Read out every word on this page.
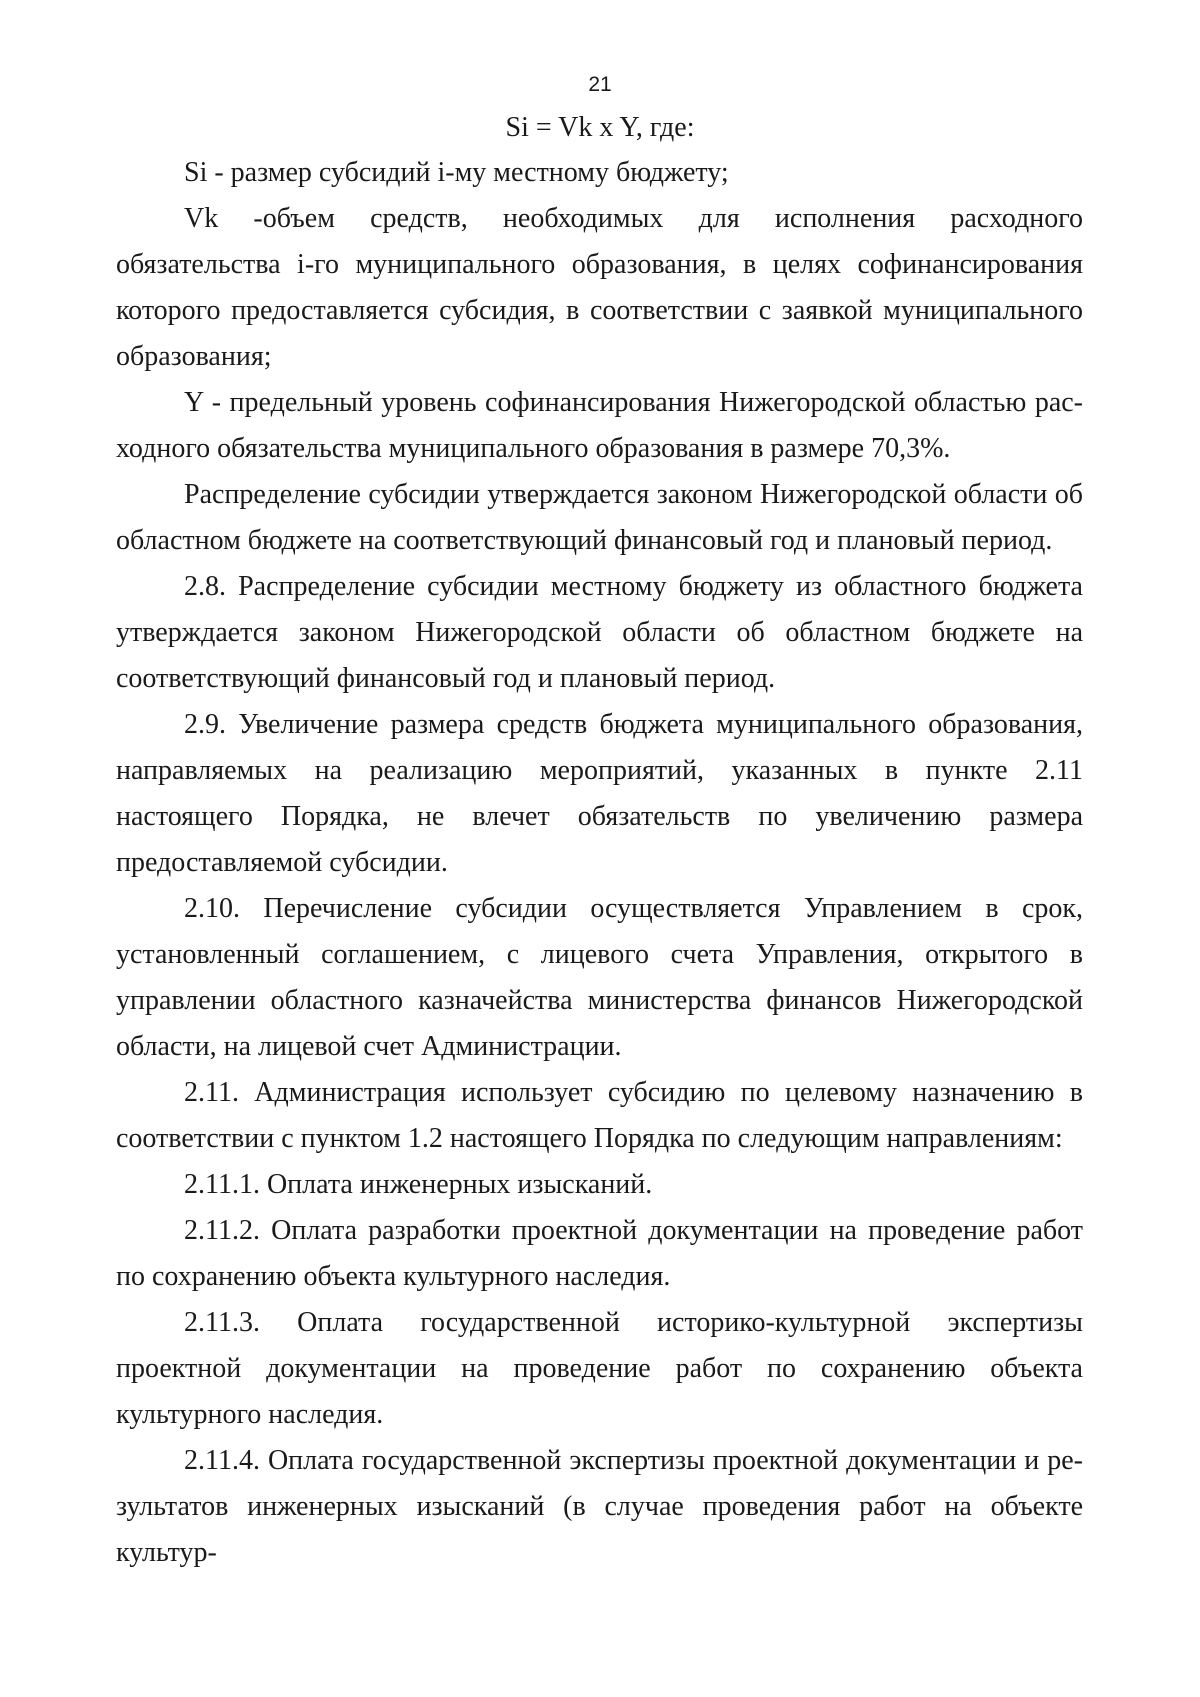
21
Si = Vk x Y, где:

Si - размер субсидий i-му местному бюджету;

Vk -объем средств, необходимых для исполнения расходного обязательства i-го муниципального образования, в целях софинансирования которого предоставляется субсидия, в соответствии с заявкой муниципального образования;

Y - предельный уровень софинансирования Нижегородской областью расходного обязательства муниципального образования в размере 70,3%.

Распределение субсидии утверждается законом Нижегородской области об областном бюджете на соответствующий финансовый год и плановый период.

2.8. Распределение субсидии местному бюджету из областного бюджета утверждается законом Нижегородской области об областном бюджете на соответствующий финансовый год и плановый период.

2.9. Увеличение размера средств бюджета муниципального образования, направляемых на реализацию мероприятий, указанных в пункте 2.11 настоящего Порядка, не влечет обязательств по увеличению размера предоставляемой субсидии.

2.10. Перечисление субсидии осуществляется Управлением в срок, установленный соглашением, с лицевого счета Управления, открытого в управлении областного казначейства министерства финансов Нижегородской области, на лицевой счет Администрации.

2.11. Администрация использует субсидию по целевому назначению в соответствии с пунктом 1.2 настоящего Порядка по следующим направлениям:

2.11.1. Оплата инженерных изысканий.

2.11.2. Оплата разработки проектной документации на проведение работ по сохранению объекта культурного наследия.

2.11.3. Оплата государственной историко-культурной экспертизы проектной документации на проведение работ по сохранению объекта культурного наследия.

2.11.4. Оплата государственной экспертизы проектной документации и результатов инженерных изысканий (в случае проведения работ на объекте культур-
